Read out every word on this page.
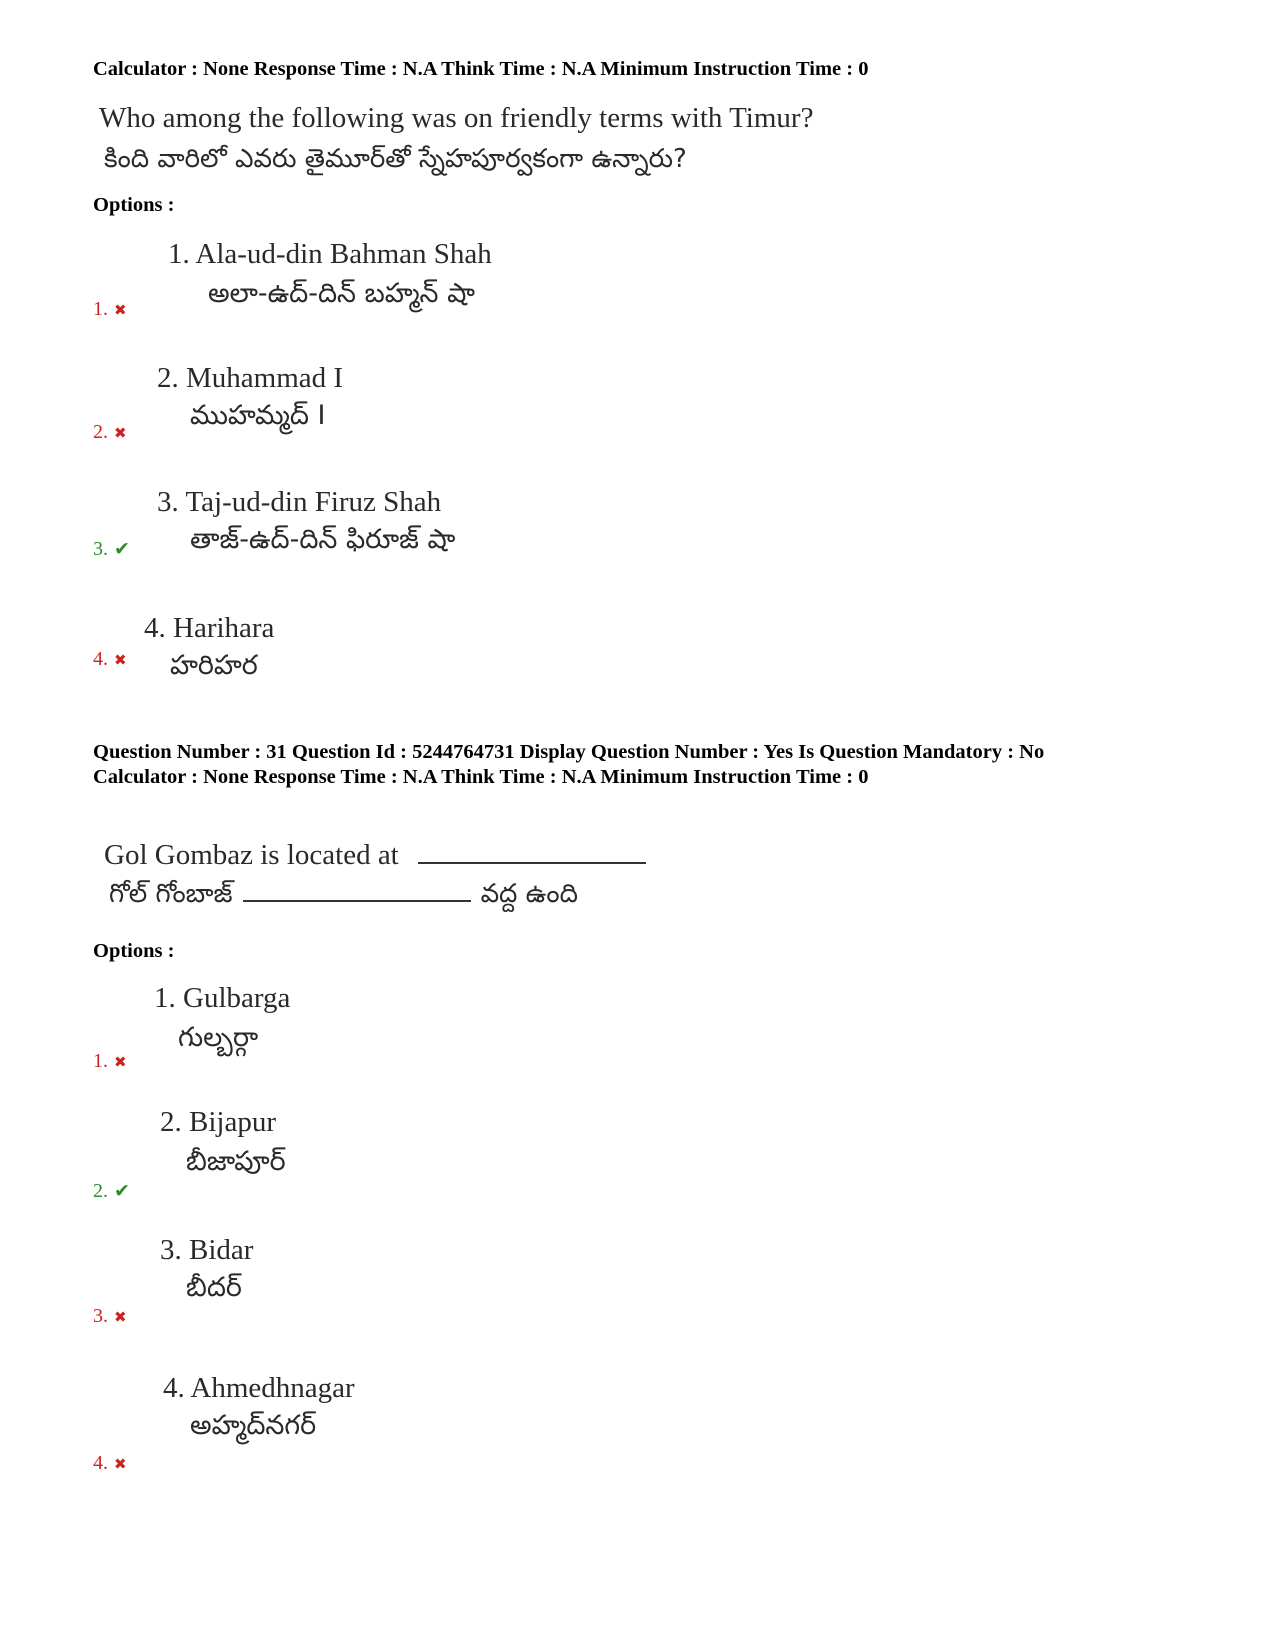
Calculator : None Response Time : N.A Think Time : N.A Minimum Instruction Time : 0
Who among the following was on friendly terms with Timur?
కింది వారిలో ఎవరు తైమూర్‌తో స్నేహపూర్వకంగా ఉన్నారు?
Options :
1. Ala-ud-din Bahman Shah
అలా-ఉద్-దిన్ బహ్మన్ షా
1. ✖
2. Muhammad I
ముహమ్మద్ I
2. ✖
3. Taj-ud-din Firuz Shah
తాజ్-ఉద్-దిన్ ఫిరూజ్ షా
3. ✔
4. Harihara
హరిహర
4. ✖
Question Number : 31 Question Id : 5244764731 Display Question Number : Yes Is Question Mandatory : No
Calculator : None Response Time : N.A Think Time : N.A Minimum Instruction Time : 0
Gol Gombaz is located at
గోల్ గోంబాజ్	వద్ద ఉంది
Options :
1. Gulbarga
గుల్బర్గా
1. ✖
2. Bijapur
బీజాపూర్
2. ✔
3. Bidar
బీదర్
3. ✖
4. Ahmedhnagar
అహ్మద్‌నగర్
4. ✖
